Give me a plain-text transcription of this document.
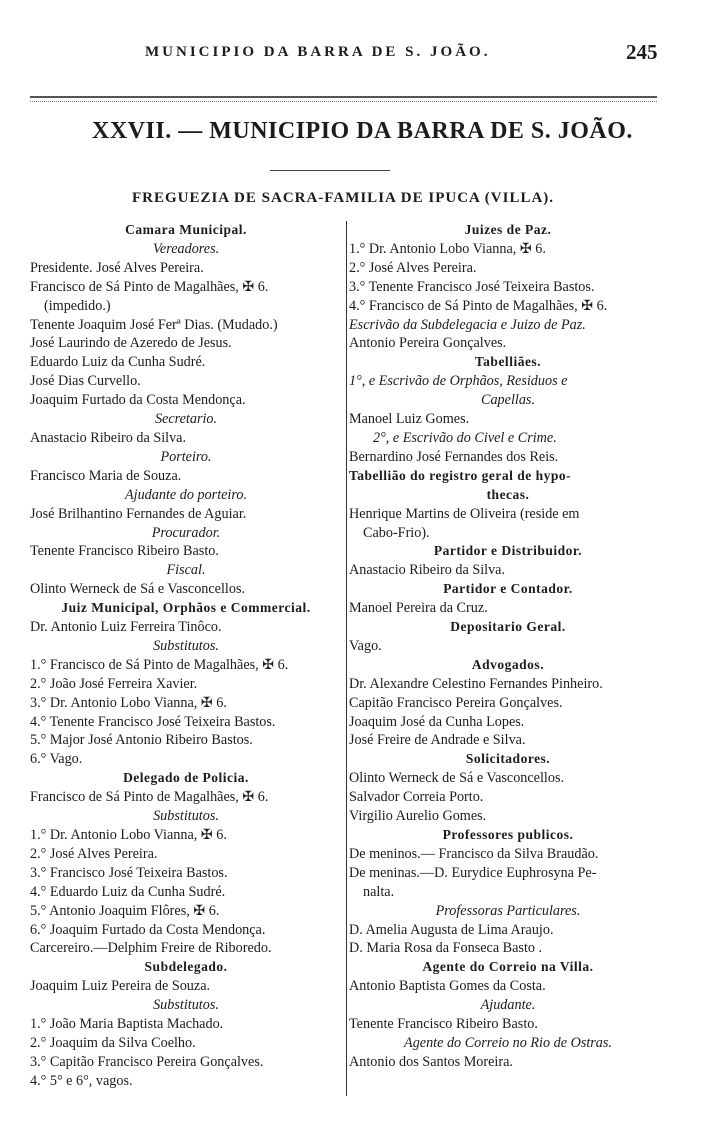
MUNICIPIO DA BARRA DE S. JOÃO.	245
XXVII. — MUNICIPIO DA BARRA DE S. JOÃO.
FREGUEZIA DE SACRA-FAMILIA DE IPUCA (VILLA).
Camara Municipal.
Vereadores.
Presidente. José Alves Pereira.
Francisco de Sá Pinto de Magalhães, ✠ 6.
(impedido.)
Tenente Joaquim José Ferª Dias. (Mudado.)
José Laurindo de Azeredo de Jesus.
Eduardo Luiz da Cunha Sudré.
José Dias Curvello.
Joaquim Furtado da Costa Mendonça.
Secretario.
Anastacio Ribeiro da Silva.
Porteiro.
Francisco Maria de Souza.
Ajudante do porteiro.
José Brilhantino Fernandes de Aguiar.
Procurador.
Tenente Francisco Ribeiro Basto.
Fiscal.
Olinto Werneck de Sá e Vasconcellos.
Juiz Municipal, Orphãos e Commercial.
Dr. Antonio Luiz Ferreira Tinôco.
Substitutos.
1.° Francisco de Sá Pinto de Magalhães, ✠ 6.
2.° João José Ferreira Xavier.
3.° Dr. Antonio Lobo Vianna, ✠ 6.
4.° Tenente Francisco José Teixeira Bastos.
5.° Major José Antonio Ribeiro Bastos.
6.° Vago.
Delegado de Policia.
Francisco de Sá Pinto de Magalhães, ✠ 6.
Substitutos.
1.° Dr. Antonio Lobo Vianna, ✠ 6.
2.° José Alves Pereira.
3.° Francisco José Teixeira Bastos.
4.° Eduardo Luiz da Cunha Sudré.
5.° Antonio Joaquim Flôres, ✠ 6.
6.° Joaquim Furtado da Costa Mendonça.
Carcereiro.—Delphim Freire de Riboredo.
Subdelegado.
Joaquim Luiz Pereira de Souza.
Substitutos.
1.° João Maria Baptista Machado.
2.° Joaquim da Silva Coelho.
3.° Capitão Francisco Pereira Gonçalves.
4.° 5° e 6°, vagos.
Juizes de Paz.
1.° Dr. Antonio Lobo Vianna, ✠ 6.
2.° José Alves Pereira.
3.° Tenente Francisco José Teixeira Bastos.
4.° Francisco de Sá Pinto de Magalhães, ✠ 6.
Escrivão da Subdelegacia e Juizo de Paz.
Antonio Pereira Gonçalves.
Tabelliães.
1°, e Escrivão de Orphãos, Residuos e
Capellas.
Manoel Luiz Gomes.
2°, e Escrivão do Civel e Crime.
Bernardino José Fernandes dos Reis.
Tabellião do registro geral de hypo-
thecas.
Henrique Martins de Oliveira (reside em
Cabo-Frio).
Partidor e Distribuidor.
Anastacio Ribeiro da Silva.
Partidor e Contador.
Manoel Pereira da Cruz.
Depositario Geral.
Vago.
Advogados.
Dr. Alexandre Celestino Fernandes Pinheiro.
Capitão Francisco Pereira Gonçalves.
Joaquim José da Cunha Lopes.
José Freire de Andrade e Silva.
Solicitadores.
Olinto Werneck de Sá e Vasconcellos.
Salvador Correia Porto.
Virgilio Aurelio Gomes.
Professores publicos.
De meninos.— Francisco da Silva Braudão.
De meninas.—D. Eurydice Euphrosyna Pe-
nalta.
Professoras Particulares.
D. Amelia Augusta de Lima Araujo.
D. Maria Rosa da Fonseca Basto .
Agente do Correio na Villa.
Antonio Baptista Gomes da Costa.
Ajudante.
Tenente Francisco Ribeiro Basto.
Agente do Correio no Rio de Ostras.
Antonio dos Santos Moreira.
